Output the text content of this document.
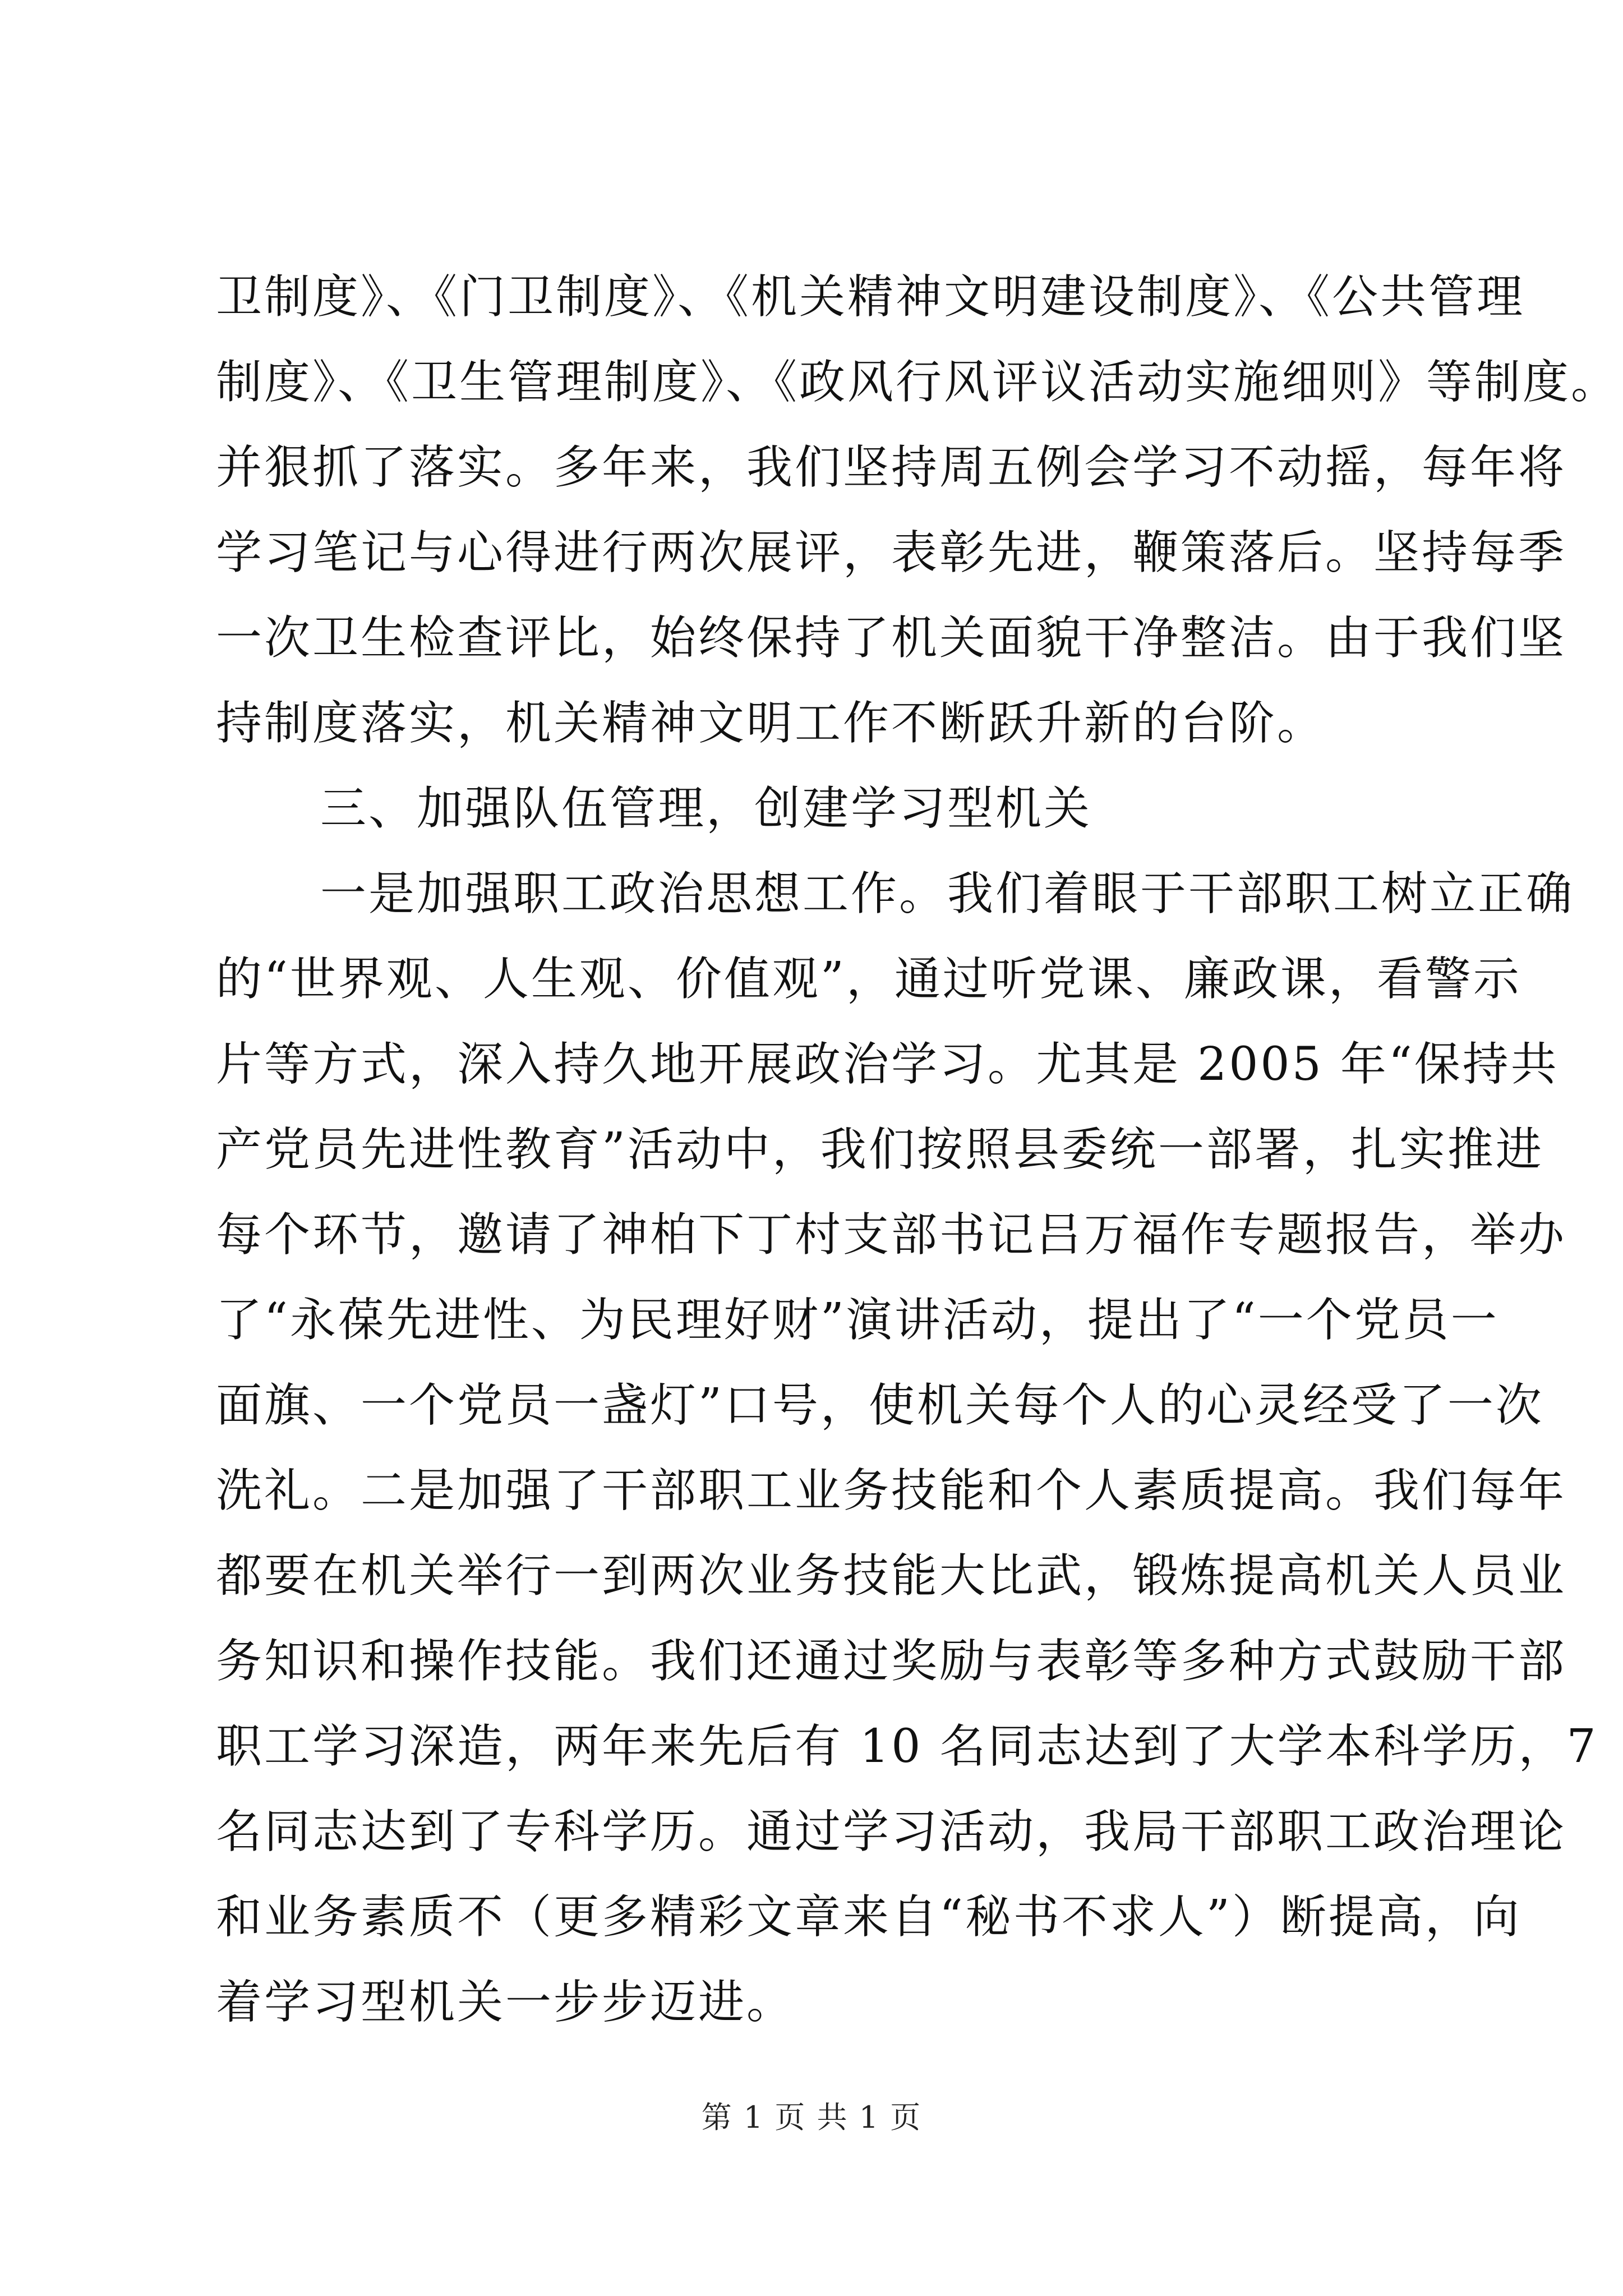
卫制度》、《门卫制度》、《机关精神文明建设制度》、《公共管理
制度》、《卫生管理制度》、《政风行风评议活动实施细则》等制度。
并狠抓了落实。多年来，我们坚持周五例会学习不动摇，每年将
学习笔记与心得进行两次展评，表彰先进，鞭策落后。坚持每季
一次卫生检查评比，始终保持了机关面貌干净整洁。由于我们坚
持制度落实，机关精神文明工作不断跃升新的台阶。
三、加强队伍管理，创建学习型机关
一是加强职工政治思想工作。我们着眼于干部职工树立正确
的“世界观、人生观、价值观”，通过听党课、廉政课，看警示
片等方式，深入持久地开展政治学习。尤其是 2005 年“保持共
产党员先进性教育”活动中，我们按照县委统一部署，扎实推进
每个环节，邀请了神柏下丁村支部书记吕万福作专题报告，举办
了“永葆先进性、为民理好财”演讲活动，提出了“一个党员一
面旗、一个党员一盏灯”口号，使机关每个人的心灵经受了一次
洗礼。二是加强了干部职工业务技能和个人素质提高。我们每年
都要在机关举行一到两次业务技能大比武，锻炼提高机关人员业
务知识和操作技能。我们还通过奖励与表彰等多种方式鼓励干部
职工学习深造，两年来先后有 10 名同志达到了大学本科学历，7
名同志达到了专科学历。通过学习活动，我局干部职工政治理论
和业务素质不（更多精彩文章来自“秘书不求人”）断提高，向
着学习型机关一步步迈进。
第 1 页 共 1 页
